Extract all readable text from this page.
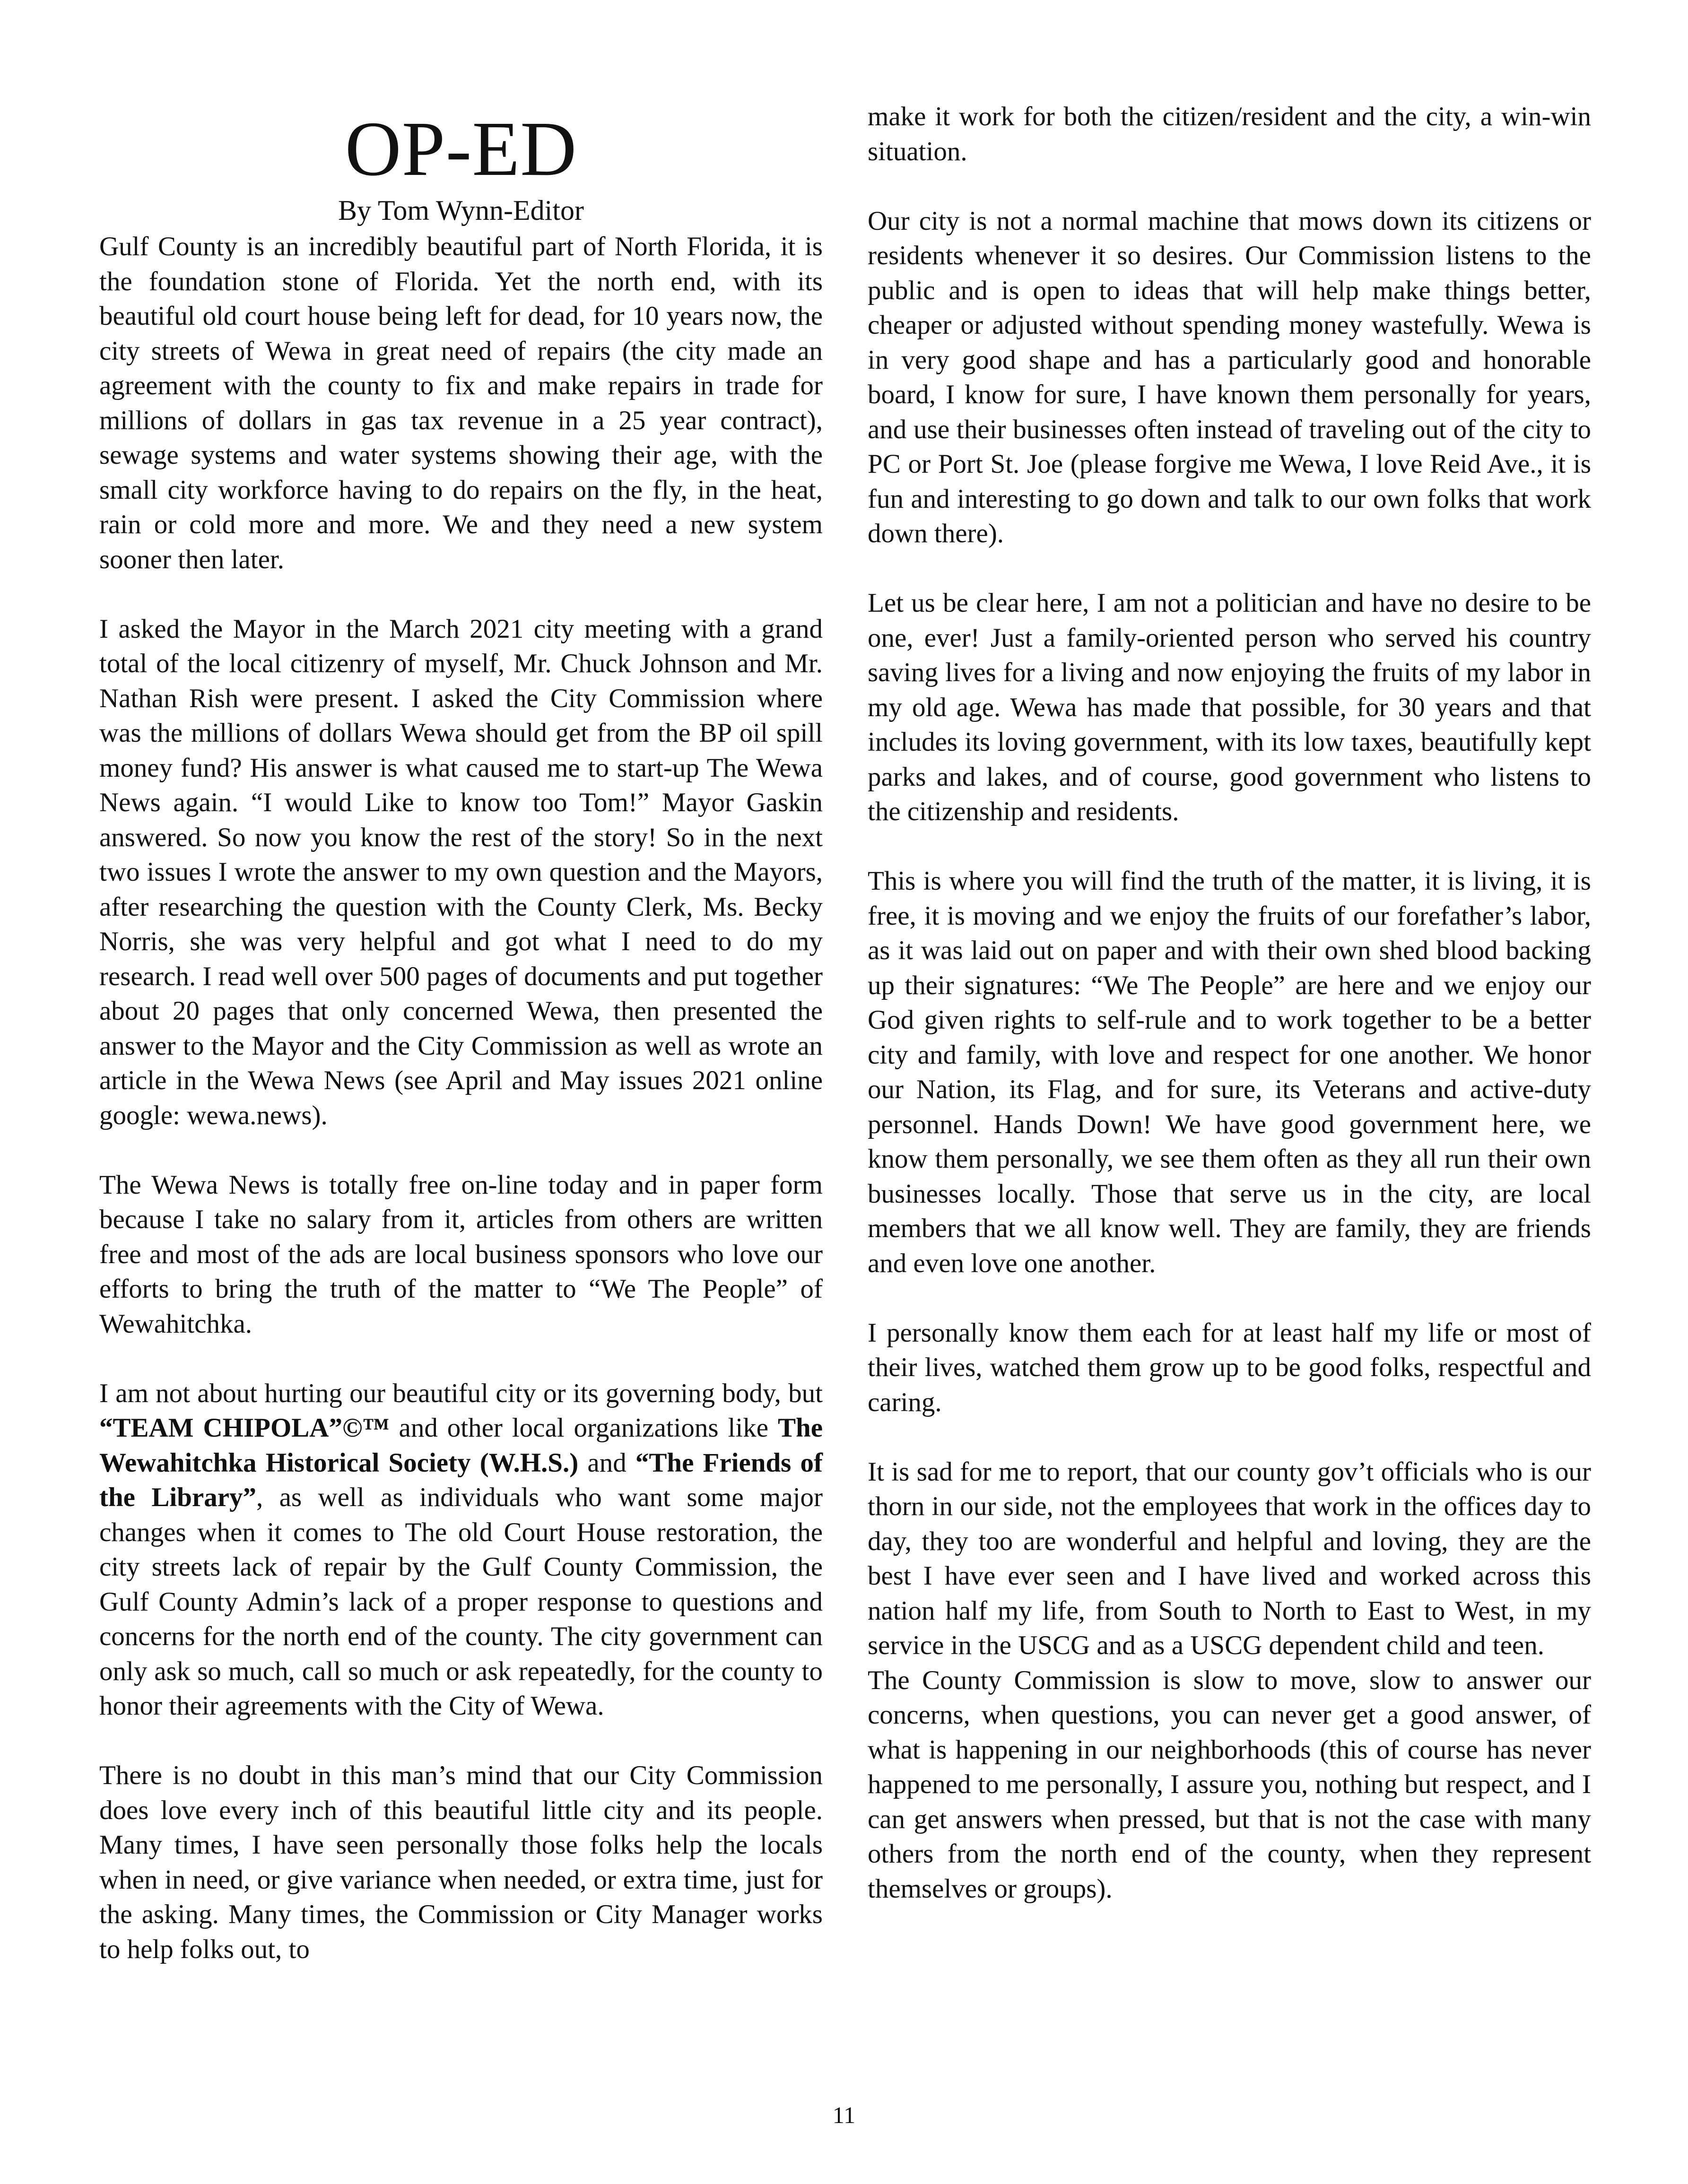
OP-ED
By Tom Wynn-Editor

Gulf County is an incredibly beautiful part of North Florida, it is the foundation stone of Florida. Yet the north end, with its beautiful old court house being left for dead, for 10 years now, the city streets of Wewa in great need of repairs (the city made an agreement with the county to fix and make repairs in trade for millions of dollars in gas tax revenue in a 25 year contract), sewage systems and water systems showing their age, with the small city workforce having to do repairs on the fly, in the heat, rain or cold more and more. We and they need a new system sooner then later.

I asked the Mayor in the March 2021 city meeting with a grand total of the local citizenry of myself, Mr. Chuck Johnson and Mr. Nathan Rish were present. I asked the City Commission where was the millions of dollars Wewa should get from the BP oil spill money fund? His answer is what caused me to start-up The Wewa News again. “I would Like to know too Tom!” Mayor Gaskin answered. So now you know the rest of the story! So in the next two issues I wrote the answer to my own question and the Mayors, after researching the question with the County Clerk, Ms. Becky Norris, she was very helpful and got what I need to do my research. I read well over 500 pages of documents and put together about 20 pages that only concerned Wewa, then presented the answer to the Mayor and the City Commission as well as wrote an article in the Wewa News (see April and May issues 2021 online google: wewa.news).

The Wewa News is totally free on-line today and in paper form because I take no salary from it, articles from others are written free and most of the ads are local business sponsors who love our efforts to bring the truth of the matter to “We The People” of Wewahitchka.

I am not about hurting our beautiful city or its governing body, but “TEAM CHIPOLA”©™ and other local organizations like The Wewahitchka Historical Society (W.H.S.) and “The Friends of the Library”, as well as individuals who want some major changes when it comes to The old Court House restoration, the city streets lack of repair by the Gulf County Commission, the Gulf County Admin’s lack of a proper response to questions and concerns for the north end of the county. The city government can only ask so much, call so much or ask repeatedly, for the county to honor their agreements with the City of Wewa.

There is no doubt in this man’s mind that our City Commission does love every inch of this beautiful little city and its people. Many times, I have seen personally those folks help the locals when in need, or give variance when needed, or extra time, just for the asking. Many times, the Commission or City Manager works to help folks out, to

make it work for both the citizen/resident and the city, a win-win situation.

Our city is not a normal machine that mows down its citizens or residents whenever it so desires. Our Commission listens to the public and is open to ideas that will help make things better, cheaper or adjusted without spending money wastefully. Wewa is in very good shape and has a particularly good and honorable board, I know for sure, I have known them personally for years, and use their businesses often instead of traveling out of the city to PC or Port St. Joe (please forgive me Wewa, I love Reid Ave., it is fun and interesting to go down and talk to our own folks that work down there).

Let us be clear here, I am not a politician and have no desire to be one, ever! Just a family-oriented person who served his country saving lives for a living and now enjoying the fruits of my labor in my old age. Wewa has made that possible, for 30 years and that includes its loving government, with its low taxes, beautifully kept parks and lakes, and of course, good government who listens to the citizenship and residents.

This is where you will find the truth of the matter, it is living, it is free, it is moving and we enjoy the fruits of our forefather’s labor, as it was laid out on paper and with their own shed blood backing up their signatures: “We The People” are here and we enjoy our God given rights to self-rule and to work together to be a better city and family, with love and respect for one another. We honor our Nation, its Flag, and for sure, its Veterans and active-duty personnel. Hands Down! We have good government here, we know them personally, we see them often as they all run their own businesses locally. Those that serve us in the city, are local members that we all know well. They are family, they are friends and even love one another.

I personally know them each for at least half my life or most of their lives, watched them grow up to be good folks, respectful and caring.

It is sad for me to report, that our county gov’t officials who is our thorn in our side, not the employees that work in the offices day to day, they too are wonderful and helpful and loving, they are the best I have ever seen and I have lived and worked across this nation half my life, from South to North to East to West, in my service in the USCG and as a USCG dependent child and teen.

The County Commission is slow to move, slow to answer our concerns, when questions, you can never get a good answer, of what is happening in our neighborhoods (this of course has never happened to me personally, I assure you, nothing but respect, and I can get answers when pressed, but that is not the case with many others from the north end of the county, when they represent themselves or groups).

11
